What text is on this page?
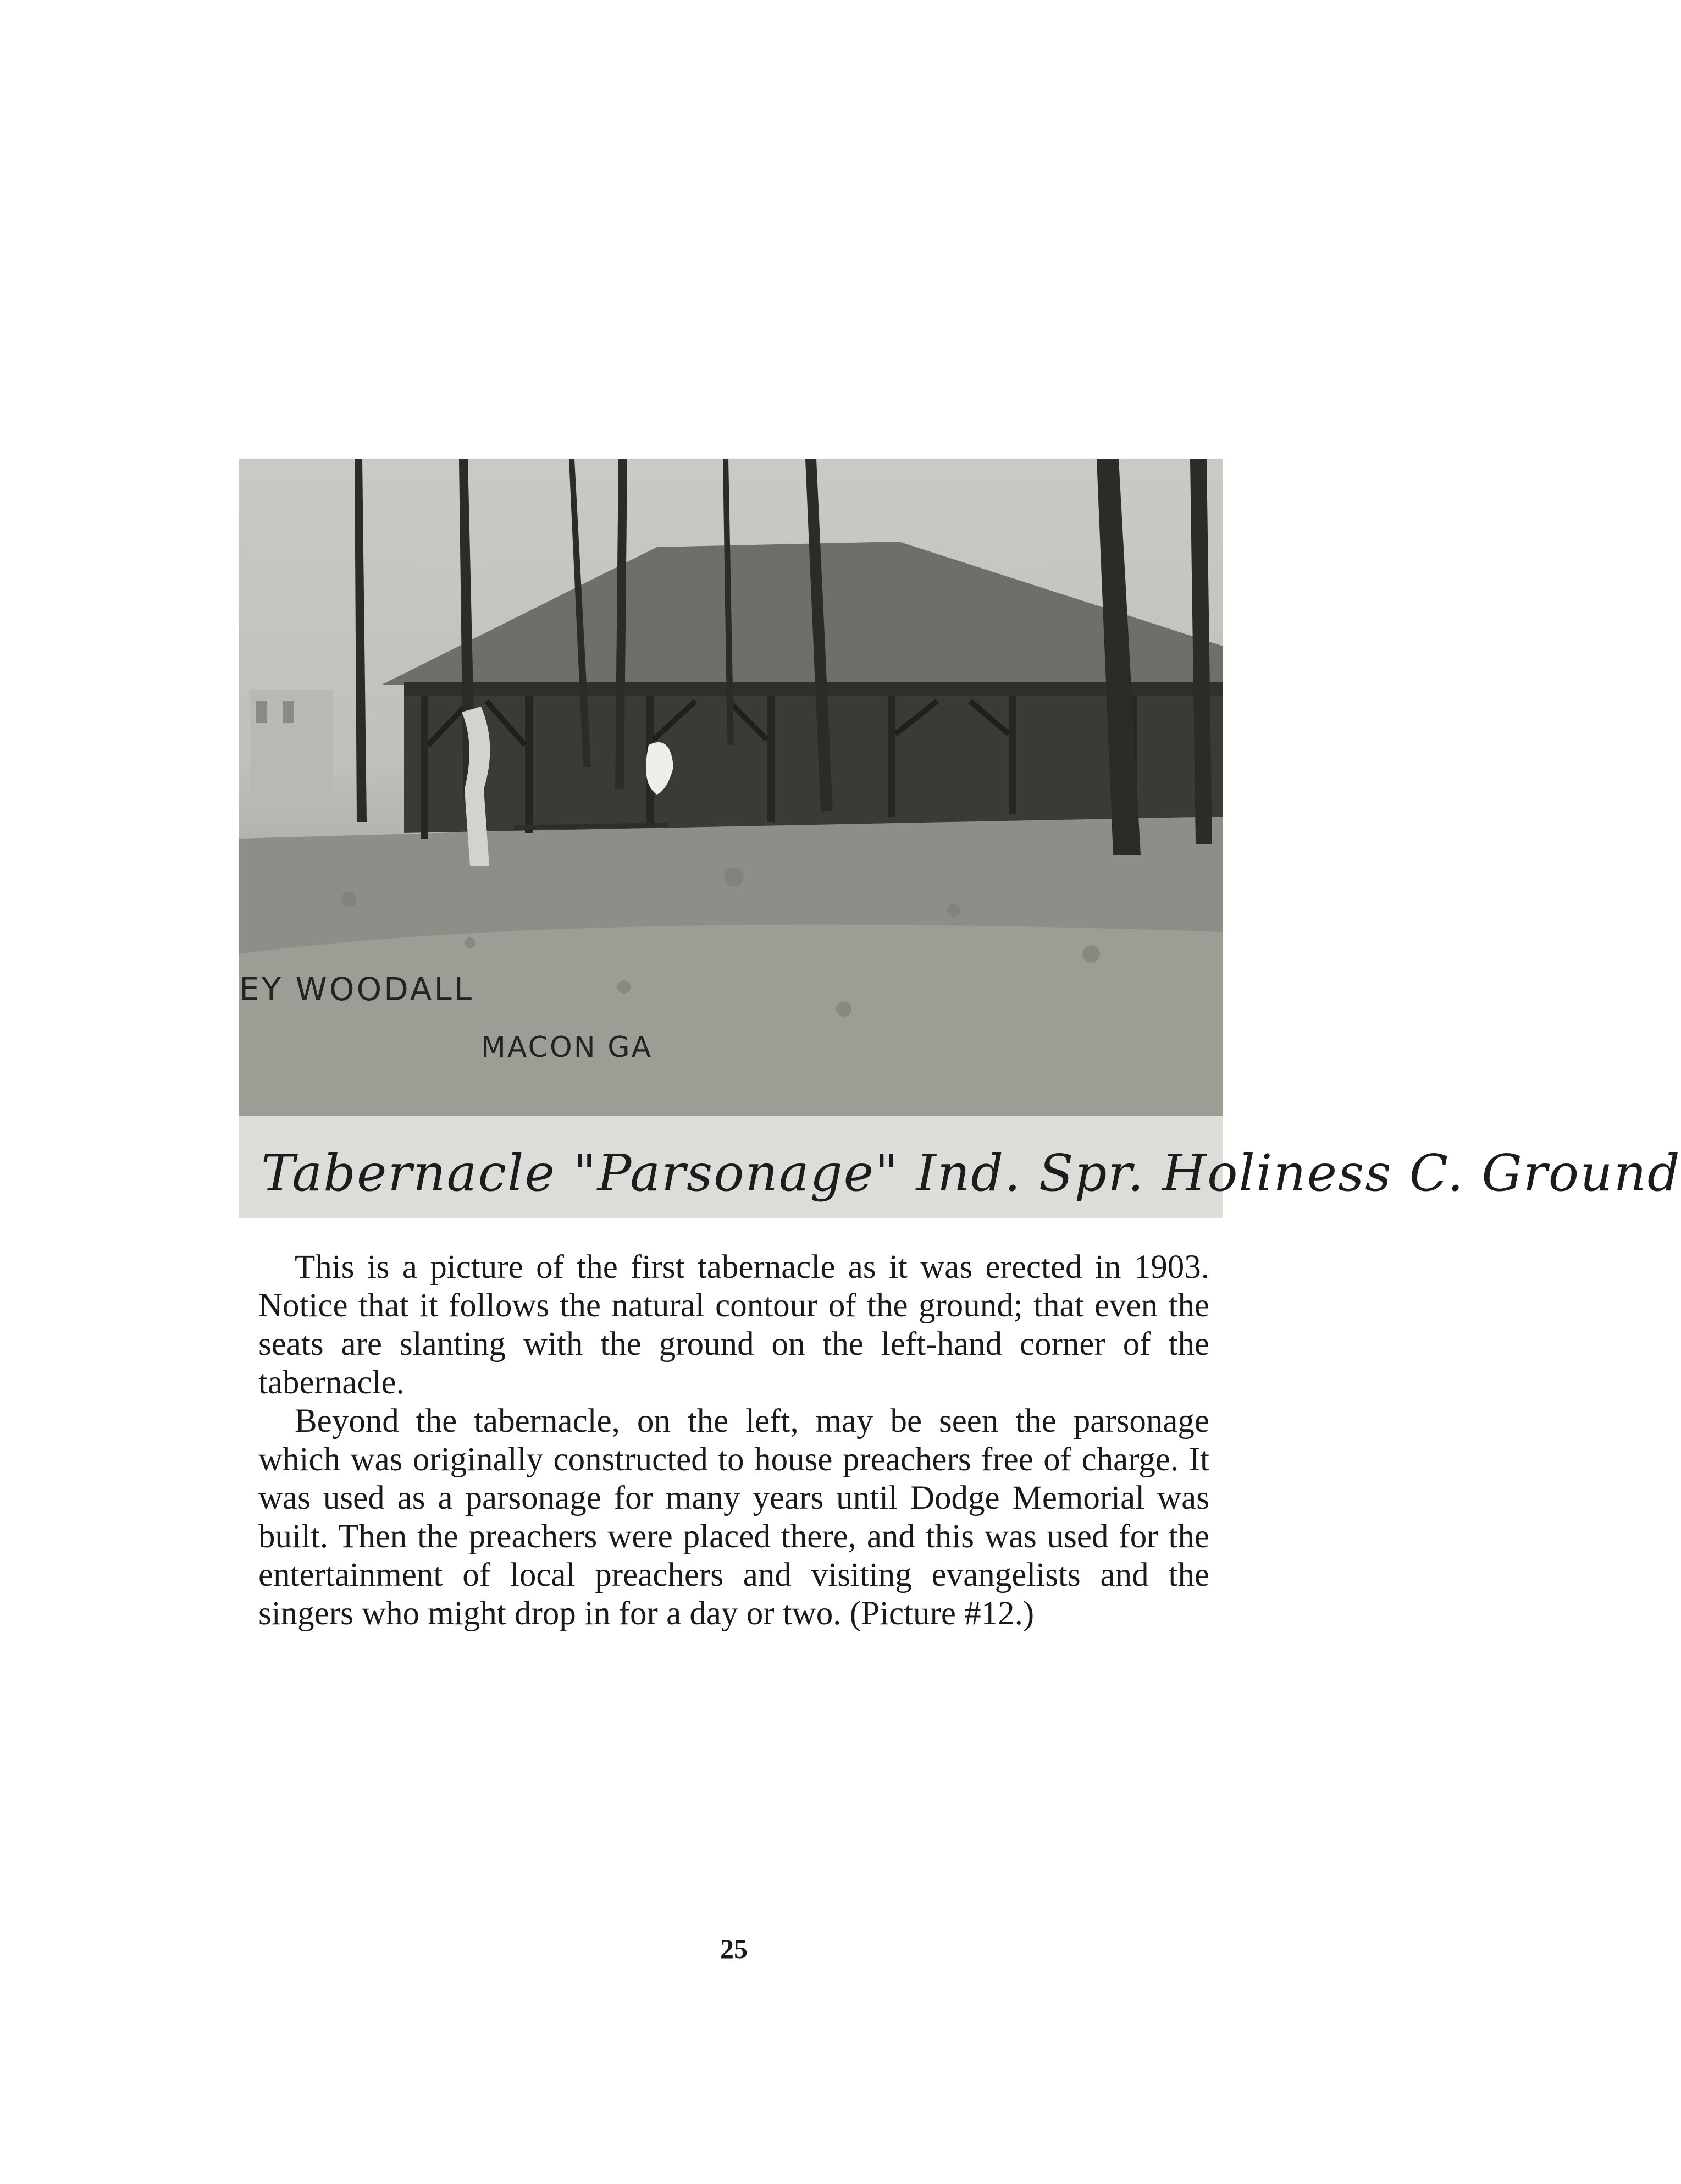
EY WOODALL
MACON GA
Tabernacle "Parsonage" Ind. Spr. Holiness C. Ground

This is a picture of the first tabernacle as it was erected in 1903. Notice that it follows the natural contour of the ground; that even the seats are slanting with the ground on the left-hand corner of the tabernacle.

Beyond the tabernacle, on the left, may be seen the parsonage which was originally constructed to house preachers free of charge. It was used as a parsonage for many years until Dodge Memorial was built. Then the preachers were placed there, and this was used for the entertainment of local preachers and visiting evangelists and the singers who might drop in for a day or two. (Picture #12.)

25
